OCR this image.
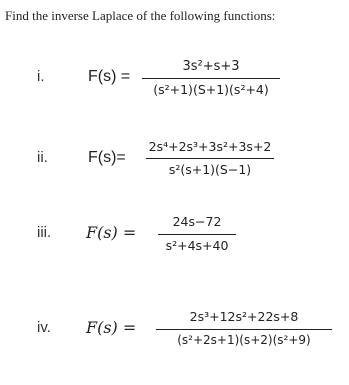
Find the inverse Laplace of the following functions:
i.	F(s) =
3s²+s+3
(s²+1)(S+1)(s²+4)
ii.	F(s)=
2s⁴+2s³+3s²+3s+2
s²(s+1)(S−1)
iii. F(s) =
24s−72
s²+4s+40
iv. F(s) =
2s³+12s²+22s+8
(s²+2s+1)(s+2)(s²+9)
